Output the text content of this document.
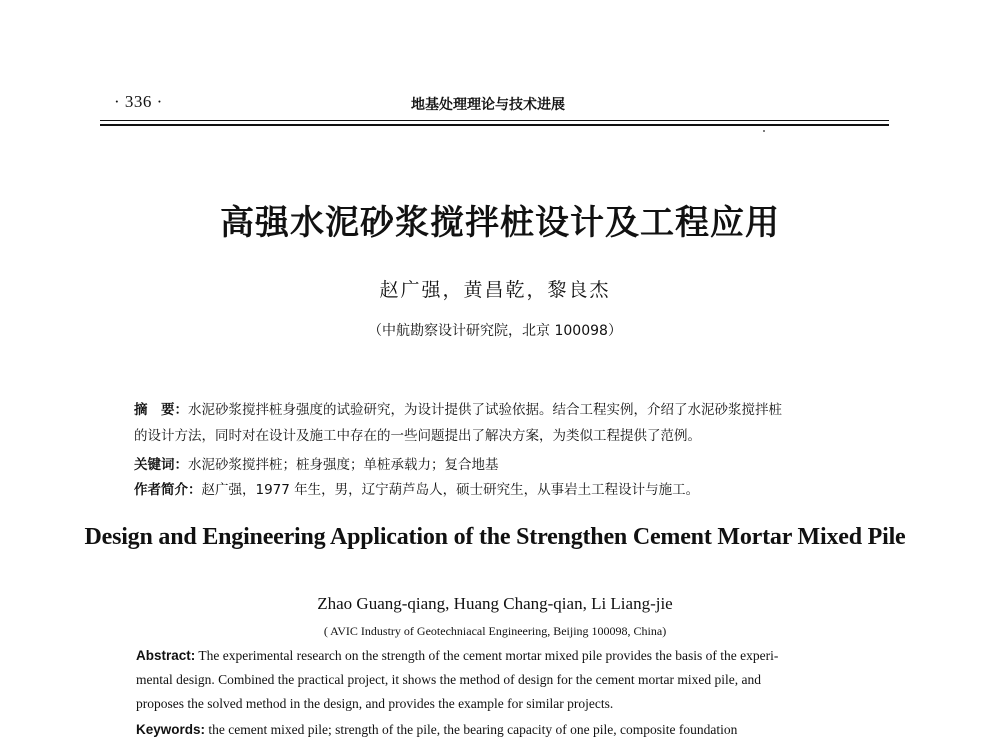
· 336 ·	地基处理理论与技术进展
高强水泥砂浆搅拌桩设计及工程应用
赵广强，黄昌乾，黎良杰
（中航勘察设计研究院，北京 100098）
摘　要：水泥砂浆搅拌桩身强度的试验研究，为设计提供了试验依据。结合工程实例，介绍了水泥砂浆搅拌桩
的设计方法，同时对在设计及施工中存在的一些问题提出了解决方案，为类似工程提供了范例。
关键词：水泥砂浆搅拌桩；桩身强度；单桩承载力；复合地基
作者简介：赵广强，1977 年生，男，辽宁葫芦岛人，硕士研究生，从事岩土工程设计与施工。
Design and Engineering Application of the Strengthen Cement Mortar Mixed Pile
Zhao Guang-qiang, Huang Chang-qian, Li Liang-jie
( AVIC Industry of Geotechniacal Engineering, Beijing 100098, China)
Abstract: The experimental research on the strength of the cement mortar mixed pile provides the basis of the experi-
mental design. Combined the practical project, it shows the method of design for the cement mortar mixed pile, and
proposes the solved method in the design, and provides the example for similar projects.
Keywords: the cement mixed pile; strength of the pile, the bearing capacity of one pile, composite foundation
